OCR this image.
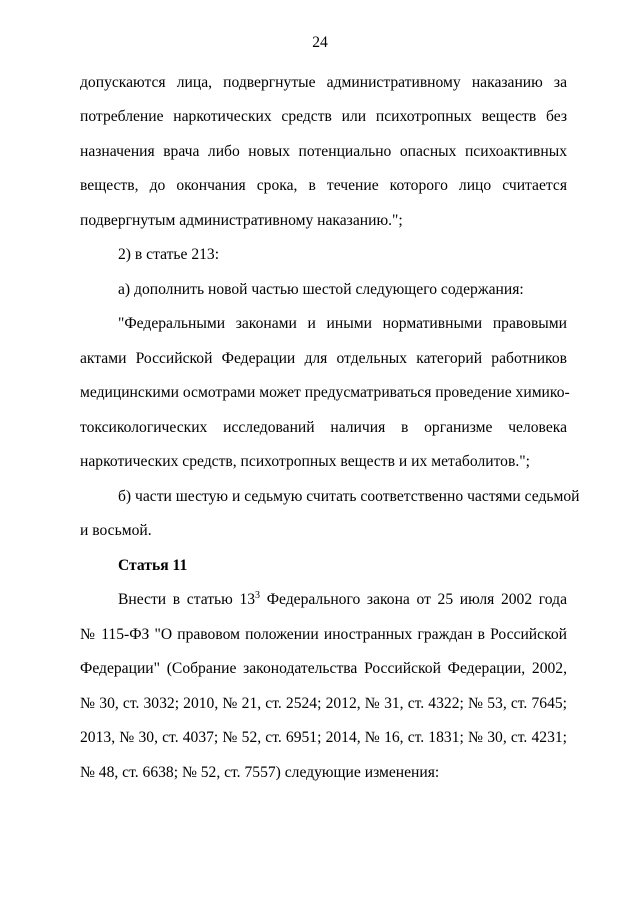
24
допускаются лица, подвергнутые административному наказанию за
потребление наркотических средств или психотропных веществ без
назначения врача либо новых потенциально опасных психоактивных
веществ, до окончания срока, в течение которого лицо считается
подвергнутым административному наказанию.";
2) в статье 213:
а) дополнить новой частью шестой следующего содержания:
"Федеральными законами и иными нормативными правовыми
актами Российской Федерации для отдельных категорий работников
медицинскими осмотрами может предусматриваться проведение химико-
токсикологических исследований наличия в организме человека
наркотических средств, психотропных веществ и их метаболитов.";
б) части шестую и седьмую считать соответственно частями седьмой
и восьмой.
Статья 11
Внести в статью $13^3$ Федерального закона от 25 июля 2002 года
№ 115-ФЗ "О правовом положении иностранных граждан в Российской
Федерации" (Собрание законодательства Российской Федерации, 2002,
№ 30, ст. 3032; 2010, № 21, ст. 2524; 2012, № 31, ст. 4322; № 53, ст. 7645;
2013, № 30, ст. 4037; № 52, ст. 6951; 2014, № 16, ст. 1831; № 30, ст. 4231;
№ 48, ст. 6638; № 52, ст. 7557) следующие изменения:
